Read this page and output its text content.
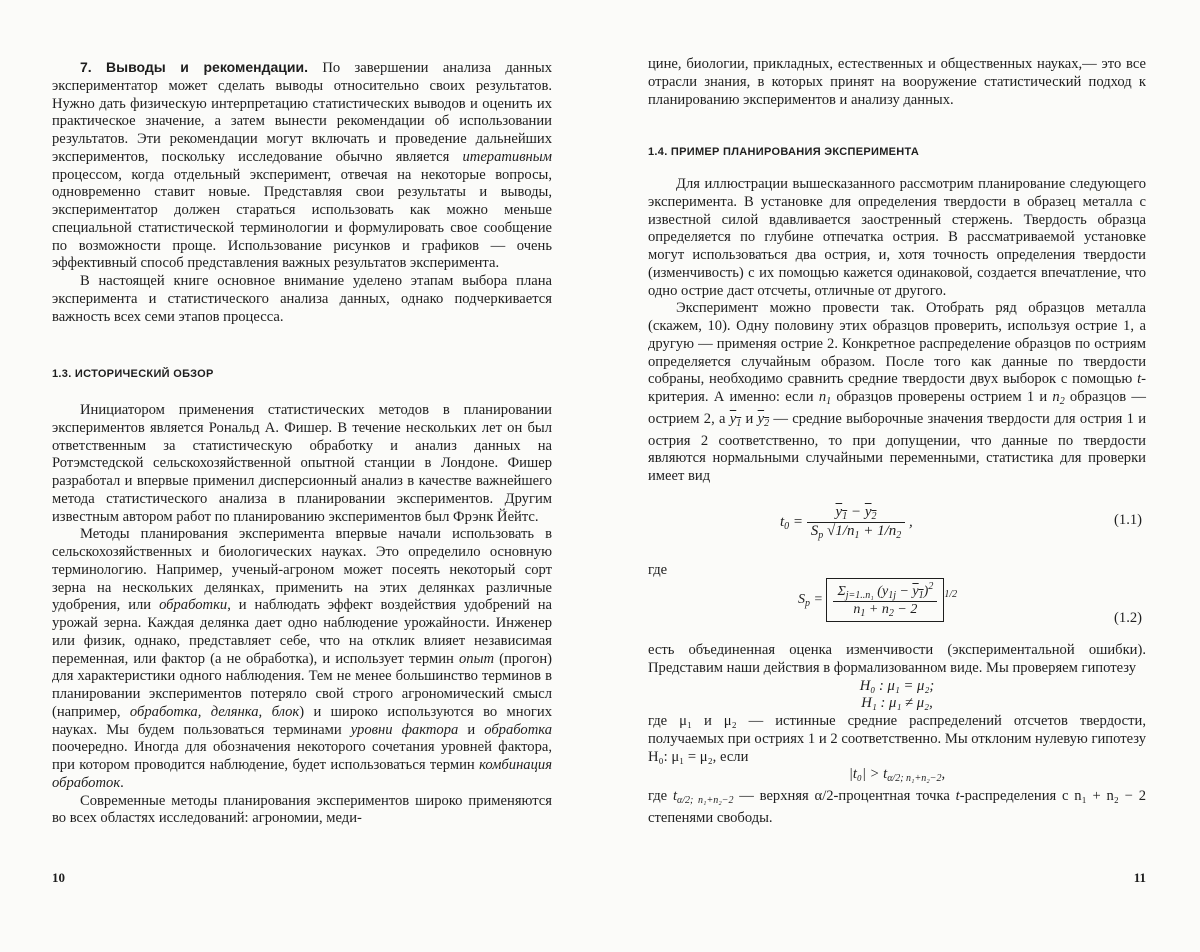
7. Выводы и рекомендации. По завершении анализа данных экспериментатор может сделать выводы относительно своих результатов. Нужно дать физическую интерпретацию статистических выводов и оценить их практическое значение, а затем вынести рекомендации об использовании результатов. Эти рекомендации могут включать и проведение дальнейших экспериментов, поскольку исследование обычно является итеративным процессом, когда отдельный эксперимент, отвечая на некоторые вопросы, одновременно ставит новые. Представляя свои результаты и выводы, экспериментатор должен стараться использовать как можно меньше специальной статистической терминологии и формулировать свое сообщение по возможности проще. Использование рисунков и графиков — очень эффективный способ представления важных результатов эксперимента.

В настоящей книге основное внимание уделено этапам выбора плана эксперимента и статистического анализа данных, однако подчеркивается важность всех семи этапов процесса.

1.3. ИСТОРИЧЕСКИЙ ОБЗОР

Инициатором применения статистических методов в планировании экспериментов является Рональд А. Фишер. В течение нескольких лет он был ответственным за статистическую обработку и анализ данных на Ротэмстедской сельскохозяйственной опытной станции в Лондоне. Фишер разработал и впервые применил дисперсионный анализ в качестве важнейшего метода статистического анализа в планировании экспериментов. Другим известным автором работ по планированию экспериментов был Фрэнк Йейтс.

Методы планирования эксперимента впервые начали использовать в сельскохозяйственных и биологических науках. Это определило основную терминологию. Например, ученый-агроном может посеять некоторый сорт зерна на нескольких делянках, применить на этих делянках различные удобрения, или обработки, и наблюдать эффект воздействия удобрений на урожай зерна. Каждая делянка дает одно наблюдение урожайности. Инженер или физик, однако, представляет себе, что на отклик влияет независимая переменная, или фактор (а не обработка), и использует термин опыт (прогон) для характеристики одного наблюдения. Тем не менее большинство терминов в планировании экспериментов потеряло свой строго агрономический смысл (например, обработка, делянка, блок) и широко используются во многих науках. Мы будем пользоваться терминами уровни фактора и обработка поочередно. Иногда для обозначения некоторого сочетания уровней фактора, при котором проводится наблюдение, будет использоваться термин комбинация обработок.

Современные методы планирования экспериментов широко применяются во всех областях исследований: агрономии, меди-

10

цине, биологии, прикладных, естественных и общественных науках,— это все отрасли знания, в которых принят на вооружение статистический подход к планированию экспериментов и анализу данных.

1.4. ПРИМЕР ПЛАНИРОВАНИЯ ЭКСПЕРИМЕНТА

Для иллюстрации вышесказанного рассмотрим планирование следующего эксперимента. В установке для определения твердости в образец металла с известной силой вдавливается заостренный стержень. Твердость образца определяется по глубине отпечатка острия. В рассматриваемой установке могут использоваться два острия, и, хотя точность определения твердости (изменчивость) с их помощью кажется одинаковой, создается впечатление, что одно острие даст отсчеты, отличные от другого.

Эксперимент можно провести так. Отобрать ряд образцов металла (скажем, 10). Одну половину этих образцов проверить, используя острие 1, а другую — применяя острие 2. Конкретное распределение образцов по остриям определяется случайным образом. После того как данные по твердости собраны, необходимо сравнить средние твердости двух выборок с помощью t-критерия. А именно: если $n_1$ образцов проверены острием 1 и $n_2$ образцов — острием 2, а $y_1$ и $y_2$ — средние выборочные значения твердости для острия 1 и острия 2 соответственно, то при допущении, что данные по твердости являются нормальными случайными переменными, статистика для проверки имеет вид

$t_0 = \frac{y_1 - y_2}{S_p √1/n_1 + 1/n_2}$ ,	(1.1)
где
$S_p = \frac{\Sigma_{j=1..n_1} (y_{1j} - y_1)^2}{n_1 + n_2 - 2} ^{1/2}$
(1.2)

есть объединенная оценка изменчивости (экспериментальной ошибки). Представим наши действия в формализованном виде. Мы проверяем гипотезу

H₀ : μ₁ = μ₂;

H₁ : μ₁ ≠ μ₂,

где μ₁ и μ₂ — истинные средние распределений отсчетов твердости, получаемых при остриях 1 и 2 соответственно. Мы отклоним нулевую гипотезу H₀: μ₁ = μ₂, если

$|t_0| > t_{\alpha/2; n_1+n_2-2}$,

где $t_{\alpha/2; n_1+n_2-2}$ — верхняя α/2-процентная точка t-распределения с n₁ + n₂ − 2 степенями свободы.

11
